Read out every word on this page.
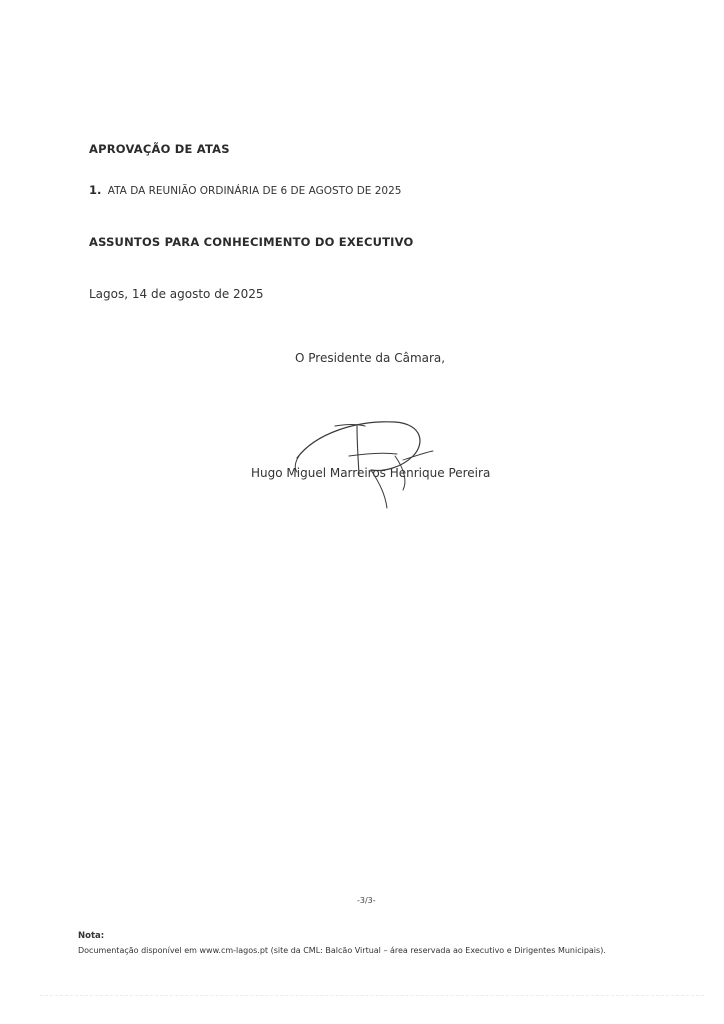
APROVAÇÃO DE ATAS
1. ATA DA REUNIÃO ORDINÁRIA DE 6 DE AGOSTO DE 2025
ASSUNTOS PARA CONHECIMENTO DO EXECUTIVO
Lagos, 14 de agosto de 2025
O Presidente da Câmara,
Hugo Miguel Marreiros Henrique Pereira
-3/3-
Nota:
Documentação disponível em www.cm-lagos.pt (site da CML: Balcão Virtual – área reservada ao Executivo e Dirigentes Municipais).
